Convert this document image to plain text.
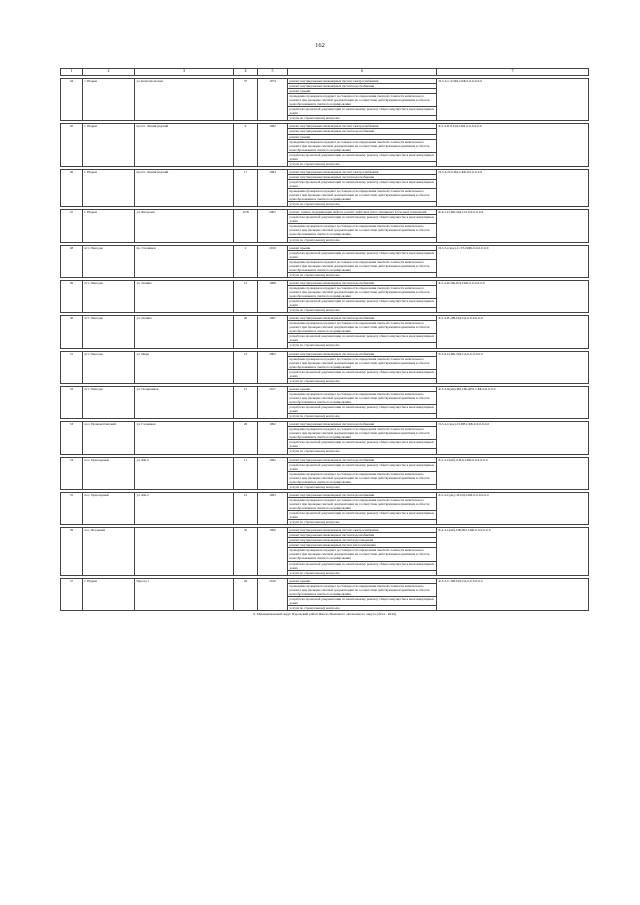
162
1	2	3	4	5	6	7

44	г. Надым	ул. Комсомольская	37	1974	ремонт внутридомовых инженерных систем электроснабжения	П-5-4-С-0-ИД-СКБ-0-0-0-0-0-0
					ремонт внутридомовых инженерных систем водоснабжения	
					ремонт крыши	
					проведение проверки на предмет достоверности определения сметной стоимости капитального ремонта при проверке сметной документации на соответствие действующим нормативам в области ценообразования и сметного нормирования	
					разработка проектной документации по капитальному ремонту общего имущества в многоквартирных домах	
					услуги по строительному контролю	

45	г. Надым	просп. Ленинградский	9	1982	ремонт внутридомовых инженерных систем электроснабжения	Б-5-4-П-0-ИД-СКБ-0-0-0-0-0-0
					ремонт внутридомовых инженерных систем водоснабжения	
					ремонт крыши	
					проведение проверки на предмет достоверности определения сметной стоимости капитального ремонта при проверке сметной документации на соответствие действующим нормативам в области ценообразования и сметного нормирования	
					разработка проектной документации по капитальному ремонту общего имущества в многоквартирных домах	
					услуги по строительному контролю	

46	г. Надым	просп. Ленинградский	17	1984	ремонт внутридомовых инженерных систем электроснабжения	П-5-4-П-0-ИД-СКБ-0-0-0-0-0-0
					ремонт внутридомовых инженерных систем водоснабжения	
					разработка проектной документации по капитальному ремонту общего имущества в многоквартирных домах	
					проведение проверки на предмет достоверности определения сметной стоимости капитального ремонта при проверке сметной документации на соответствие действующим нормативам в области ценообразования и сметного нормирования	
					услуги по строительному контролю	

47	г. Надым	ул. Янтарная	10 В	2005	ремонт, замена, модернизация лифтов, ремонт лифтовых шахт, машинных и блочных помещений	К-6-1-П-ПК-ИД-СП-0-0-0-0-0-0
					разработка проектной документации по капитальному ремонту общего имущества в многоквартирных домах	
					проведение проверки на предмет достоверности определения сметной стоимости капитального ремонта при проверке сметной документации на соответствие действующим нормативам в области ценообразования и сметного нормирования	
					услуги по строительному контролю	

48	пгт. Пангоды	пр. Газовиков	2	2016	ремонт крыши	П-5-5-Сдм-у-С-Т3-ИДБ-0-0-0-0-0-0
					разработка проектной документации по капитальному ремонту общего имущества в многоквартирных домах	
					проведение проверки на предмет достоверности определения сметной стоимости капитального ремонта при проверке сметной документации на соответствие действующим нормативам в области ценообразования и сметного нормирования	
					услуги по строительному контролю	

49	пгт. Пангоды	ул. Ленина	12	1998	ремонт внутридомовых инженерных систем водоснабжения	Б-5-4-П-ПК-ИД-СКБ-0-0-0-0-0-0
					проведение проверки на предмет достоверности определения сметной стоимости капитального ремонта при проверке сметной документации на соответствие действующим нормативам в области ценообразования и сметного нормирования	
					разработка проектной документации по капитальному ремонту общего имущества в многоквартирных домах	
					услуги по строительному контролю	

50	пгт. Пангоды	ул. Ленина	20	1997	ремонт внутридомовых инженерных систем водоснабжения	Б-5-4-П-ДН-ИД-СД-0-0-0-0-0-0
					проведение проверки на предмет достоверности определения сметной стоимости капитального ремонта при проверке сметной документации на соответствие действующим нормативам в области ценообразования и сметного нормирования	
					разработка проектной документации по капитальному ремонту общего имущества в многоквартирных домах	
					услуги по строительному контролю	

51	пгт. Пангоды	ул. Мира	15	2002	ремонт внутридомовых инженерных систем водоснабжения	К-5-6-П-ПК-ИД-СД-0-0-0-0-0-0
					проведение проверки на предмет достоверности определения сметной стоимости капитального ремонта при проверке сметной документации на соответствие действующим нормативам в области ценообразования и сметного нормирования	
					разработка проектной документации по капитальному ремонту общего имущества в многоквартирных домах	
					услуги по строительному контролю	

52	пгт. Пангоды	ул. Полярников	15	2017	ремонт крыши	К-5-2-К(мн)-ИД-ПК-ДН1-СКБ-0-0-0-0-0
					проведение проверки на предмет достоверности определения сметной стоимости капитального ремонта при проверке сметной документации на соответствие действующим нормативам в области ценообразования и сметного нормирования	
					разработка проектной документации по капитальному ремонту общего имущества в многоквартирных домах	
					услуги по строительному контролю	

53	пос. Правохеттинский	ул. Газовиков	26	1992	ремонт внутридомовых инженерных систем водоснабжения	П-5-4-Сдм-у-П-ПВ-СКБ-0-0-0-0-0-0
					проведение проверки на предмет достоверности определения сметной стоимости капитального ремонта при проверке сметной документации на соответствие действующим нормативам в области ценообразования и сметного нормирования	
					разработка проектной документации по капитальному ремонту общего имущества в многоквартирных домах	
					услуги по строительному контролю	

54	пос. Приозерный	ул. ФК-2	11	1992	ремонт внутридомовых инженерных систем водоснабжения	Б-5-4-С(мб)-0-ИД-СКБ-0-0-0-0-0-0
					разработка проектной документации по капитальному ремонту общего имущества в многоквартирных домах	
					проведение проверки на предмет достоверности определения сметной стоимости капитального ремонта при проверке сметной документации на соответствие действующим нормативам в области ценообразования и сметного нормирования	
					услуги по строительному контролю	

55	пос. Приозерный	ул. ФК-2	12	1993	ремонт внутридомовых инженерных систем водоснабжения	Б-5-4-Сдм-у-П-ИД-СКБ-0-0-0-0-0-0
					проведение проверки на предмет достоверности определения сметной стоимости капитального ремонта при проверке сметной документации на соответствие действующим нормативам в области ценообразования и сметного нормирования	
					разработка проектной документации по капитальному ремонту общего имущества в многоквартирных домах	
					услуги по строительному контролю	

56	пос. Ягельный		32	1999	ремонт внутридомовых инженерных систем электроснабжения	Б-4-4-С(мб)-ПВ-ПП-СКБ-0-0-0-0-0-0
					ремонт внутридомовых инженерных систем водоснабжения	
					ремонт внутридомовых инженерных систем водоотведения	
					ремонт внутридомовых инженерных систем теплоснабжения	
					проведение проверки на предмет достоверности определения сметной стоимости капитального ремонта при проверке сметной документации на соответствие действующим нормативам в области ценообразования и сметного нормирования	
					разработка проектной документации по капитальному ремонту общего имущества в многоквартирных домах	
					услуги по строительному контролю	

57	г. Надым	Проезд 1	29	2016	ремонт крыши	К-5-2-С-ПВ-ИД-СД-0-0-0-0-0-0
					проведение проверки на предмет достоверности определения сметной стоимости капитального ремонта при проверке сметной документации на соответствие действующим нормативам в области ценообразования и сметного нормирования	
					разработка проектной документации по капитальному ремонту общего имущества в многоквартирных домах	
					услуги по строительному контролю	
9. Муниципальный округ Пуровский район Ямало-Ненецкого автономного округа (2014 - 2044)						
